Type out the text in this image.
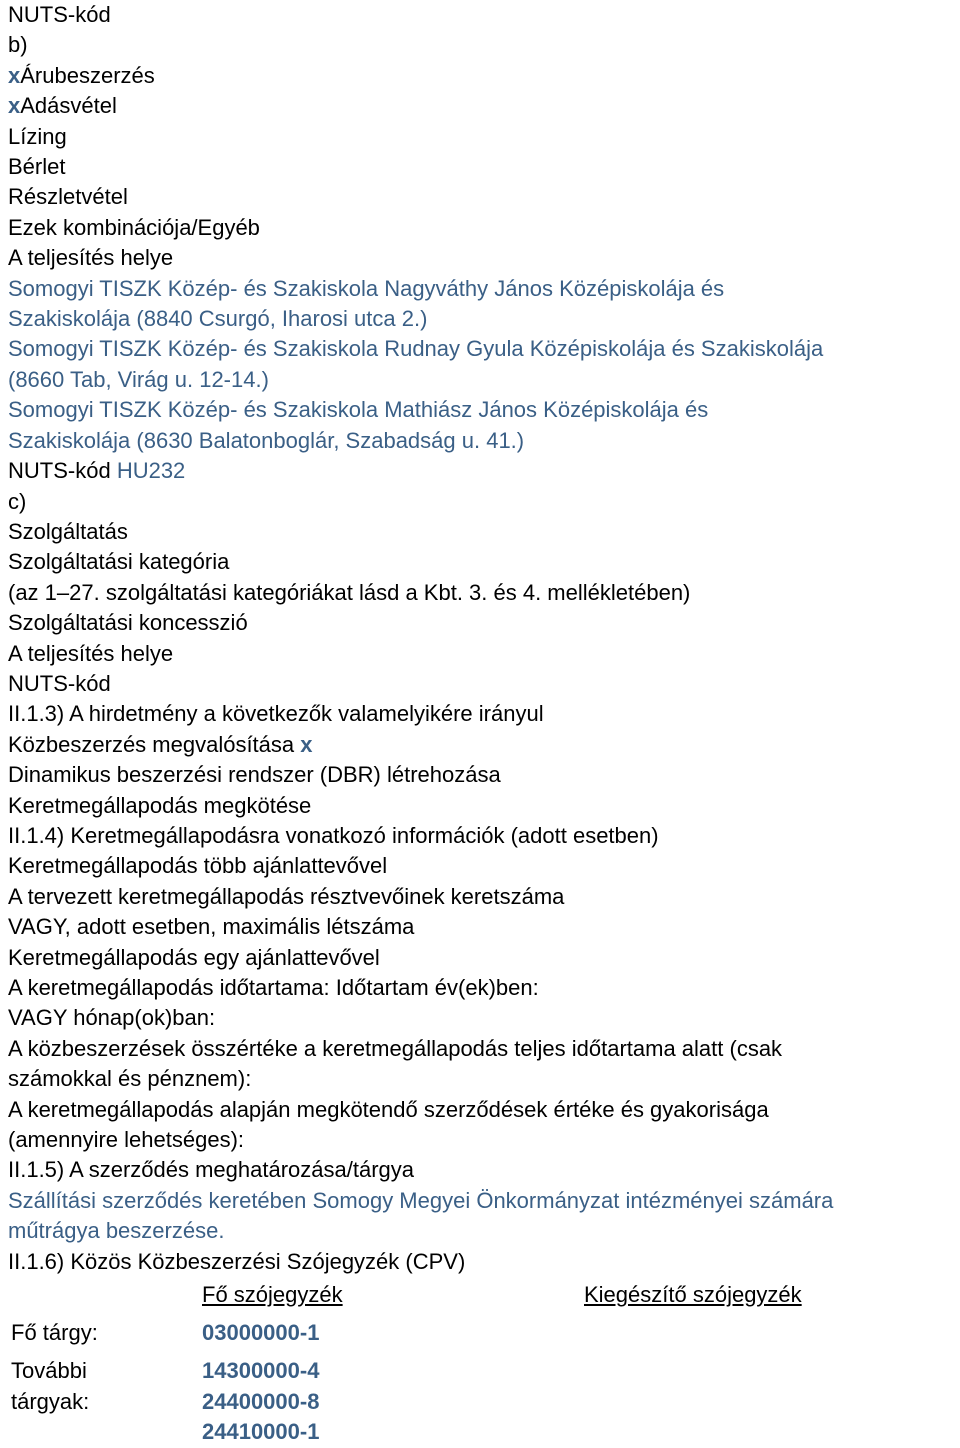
NUTS-kód

b)

xÁrubeszerzés

xAdásvétel

Lízing

Bérlet

Részletvétel

Ezek kombinációja/Egyéb

A teljesítés helye

Somogyi TISZK Közép- és Szakiskola Nagyváthy János Középiskolája és

Szakiskolája (8840 Csurgó, Iharosi utca 2.)

Somogyi TISZK Közép- és Szakiskola Rudnay Gyula Középiskolája és Szakiskolája

(8660 Tab, Virág u. 12-14.)

Somogyi TISZK Közép- és Szakiskola Mathiász János Középiskolája és

Szakiskolája (8630 Balatonboglár, Szabadság u. 41.)

NUTS-kód HU232

c)

Szolgáltatás

Szolgáltatási kategória

(az 1–27. szolgáltatási kategóriákat lásd a Kbt. 3. és 4. mellékletében)

Szolgáltatási koncesszió

A teljesítés helye

NUTS-kód

II.1.3) A hirdetmény a következők valamelyikére irányul

Közbeszerzés megvalósítása x

Dinamikus beszerzési rendszer (DBR) létrehozása

Keretmegállapodás megkötése

II.1.4) Keretmegállapodásra vonatkozó információk (adott esetben)

Keretmegállapodás több ajánlattevővel

A tervezett keretmegállapodás résztvevőinek keretszáma

VAGY, adott esetben, maximális létszáma

Keretmegállapodás egy ajánlattevővel

A keretmegállapodás időtartama: Időtartam év(ek)ben:

VAGY hónap(ok)ban:

A közbeszerzések összértéke a keretmegállapodás teljes időtartama alatt (csak

számokkal és pénznem):

A keretmegállapodás alapján megkötendő szerződések értéke és gyakorisága

(amennyire lehetséges):

II.1.5) A szerződés meghatározása/tárgya

Szállítási szerződés keretében Somogy Megyei Önkormányzat intézményei számára

műtrágya beszerzése.

II.1.6) Közös Közbeszerzési Szójegyzék (CPV)

Fő szójegyzék	Kiegészítő szójegyzék
Fő tárgy:	03000000-1
További	14300000-4
tárgyak:	24400000-8
24410000-1
